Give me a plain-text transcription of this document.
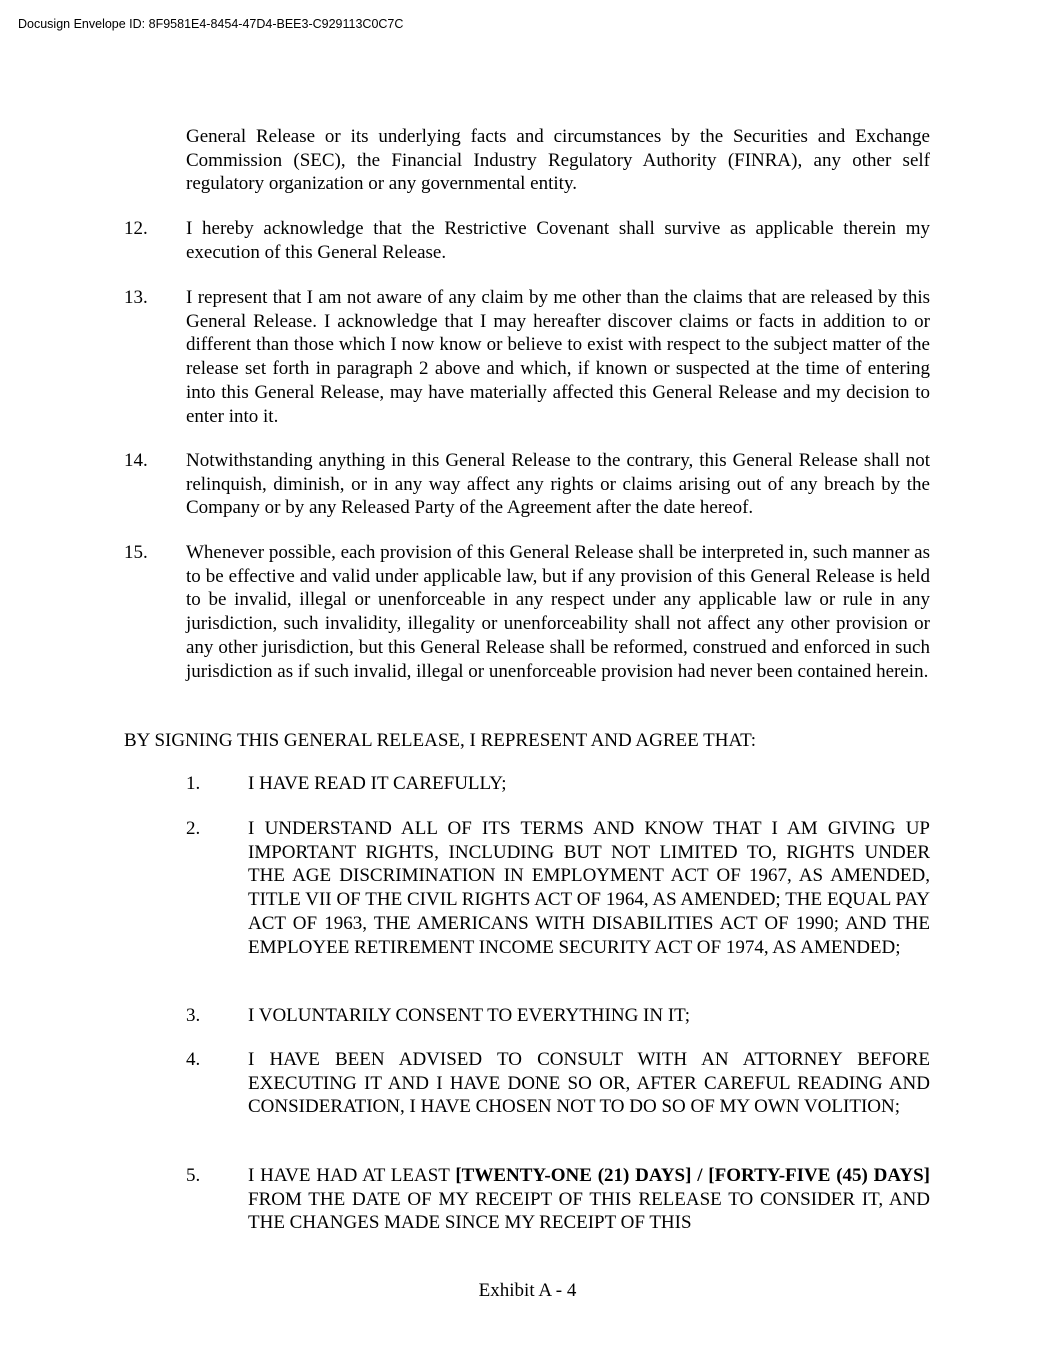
Docusign Envelope ID: 8F9581E4-8454-47D4-BEE3-C929113C0C7C
General Release or its underlying facts and circumstances by the Securities and Exchange Commission (SEC), the Financial Industry Regulatory Authority (FINRA), any other self regulatory organization or any governmental entity.
12.	I hereby acknowledge that the Restrictive Covenant shall survive as applicable therein my execution of this General Release.
13.	I represent that I am not aware of any claim by me other than the claims that are released by this General Release. I acknowledge that I may hereafter discover claims or facts in addition to or different than those which I now know or believe to exist with respect to the subject matter of the release set forth in paragraph 2 above and which, if known or suspected at the time of entering into this General Release, may have materially affected this General Release and my decision to enter into it.
14.	Notwithstanding anything in this General Release to the contrary, this General Release shall not relinquish, diminish, or in any way affect any rights or claims arising out of any breach by the Company or by any Released Party of the Agreement after the date hereof.
15.	Whenever possible, each provision of this General Release shall be interpreted in, such manner as to be effective and valid under applicable law, but if any provision of this General Release is held to be invalid, illegal or unenforceable in any respect under any applicable law or rule in any jurisdiction, such invalidity, illegality or unenforceability shall not affect any other provision or any other jurisdiction, but this General Release shall be reformed, construed and enforced in such jurisdiction as if such invalid, illegal or unenforceable provision had never been contained herein.
BY SIGNING THIS GENERAL RELEASE, I REPRESENT AND AGREE THAT:
1.	I HAVE READ IT CAREFULLY;
2.	I UNDERSTAND ALL OF ITS TERMS AND KNOW THAT I AM GIVING UP IMPORTANT RIGHTS, INCLUDING BUT NOT LIMITED TO, RIGHTS UNDER THE AGE DISCRIMINATION IN EMPLOYMENT ACT OF 1967, AS AMENDED, TITLE VII OF THE CIVIL RIGHTS ACT OF 1964, AS AMENDED; THE EQUAL PAY ACT OF 1963, THE AMERICANS WITH DISABILITIES ACT OF 1990; AND THE EMPLOYEE RETIREMENT INCOME SECURITY ACT OF 1974, AS AMENDED;
3.	I VOLUNTARILY CONSENT TO EVERYTHING IN IT;
4.	I HAVE BEEN ADVISED TO CONSULT WITH AN ATTORNEY BEFORE EXECUTING IT AND I HAVE DONE SO OR, AFTER CAREFUL READING AND CONSIDERATION, I HAVE CHOSEN NOT TO DO SO OF MY OWN VOLITION;
5.	I HAVE HAD AT LEAST [TWENTY-ONE (21) DAYS] / [FORTY-FIVE (45) DAYS] FROM THE DATE OF MY RECEIPT OF THIS RELEASE TO CONSIDER IT, AND THE CHANGES MADE SINCE MY RECEIPT OF THIS
Exhibit A - 4
